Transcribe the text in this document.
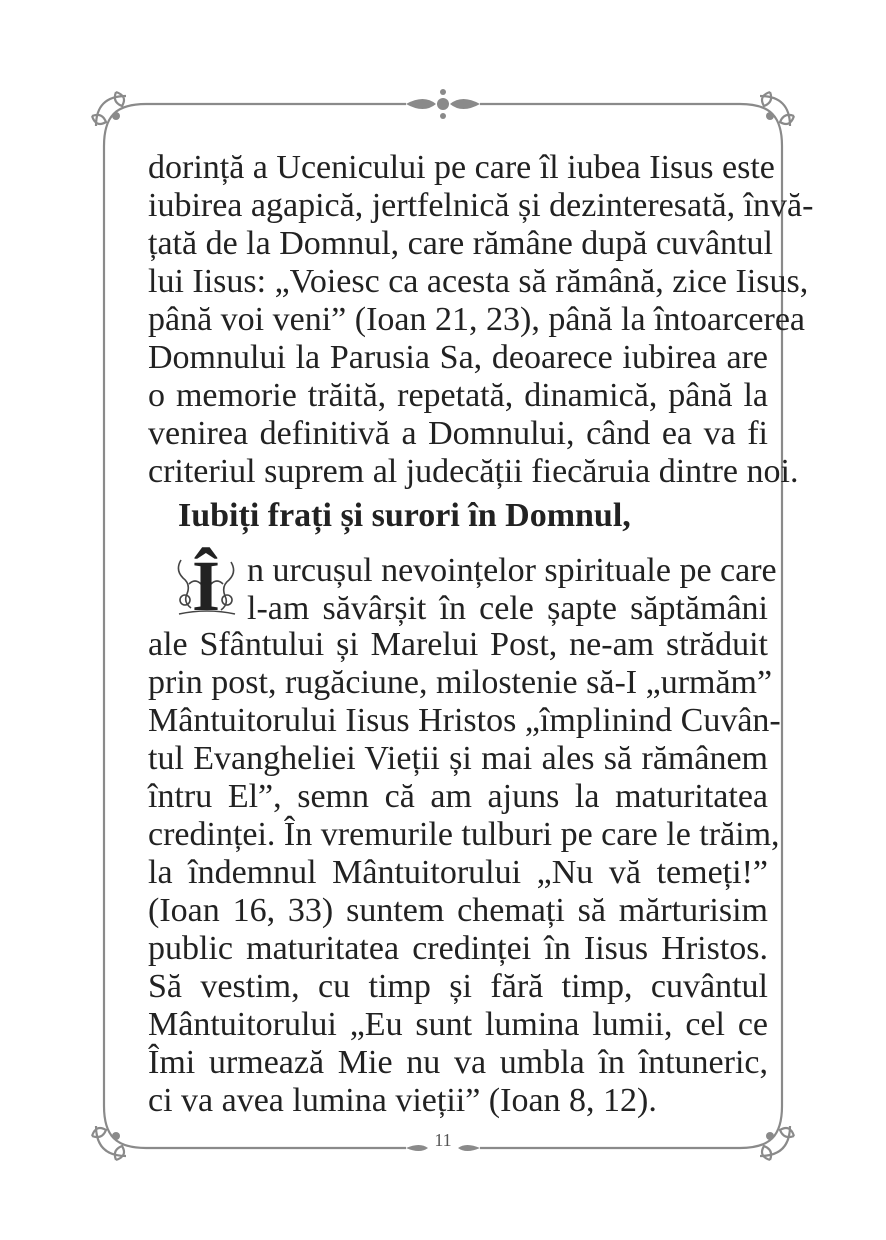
dorință a Ucenicului pe care îl iubea Iisus este
iubirea agapică, jertfelnică și dezinteresată, învă-
țată de la Domnul, care rămâne după cuvântul
lui Iisus: „Voiesc ca acesta să rămână, zice Iisus,
până voi veni” (Ioan 21, 23), până la întoarcerea
Domnului la Parusia Sa, deoarece iubirea are
o memorie trăită, repetată, dinamică, până la
venirea definitivă a Domnului, când ea va fi
criteriul suprem al judecății fiecăruia dintre noi.
Iubiți frați și surori în Domnul,
Î n urcușul nevoințelor spirituale pe care
l-am săvârșit în cele șapte săptămâni
ale Sfântului și Marelui Post, ne-am străduit
prin post, rugăciune, milostenie să-I „urmăm”
Mântuitorului Iisus Hristos „împlinind Cuvân-
tul Evangheliei Vieții și mai ales să rămânem
întru El”, semn că am ajuns la maturitatea
credinței. În vremurile tulburi pe care le trăim,
la îndemnul Mântuitorului „Nu vă temeți!”
(Ioan 16, 33) suntem chemați să mărturisim
public maturitatea credinței în Iisus Hristos.
Să vestim, cu timp și fără timp, cuvântul
Mântuitorului „Eu sunt lumina lumii, cel ce
Îmi urmează Mie nu va umbla în întuneric,
ci va avea lumina vieții” (Ioan 8, 12).
11
